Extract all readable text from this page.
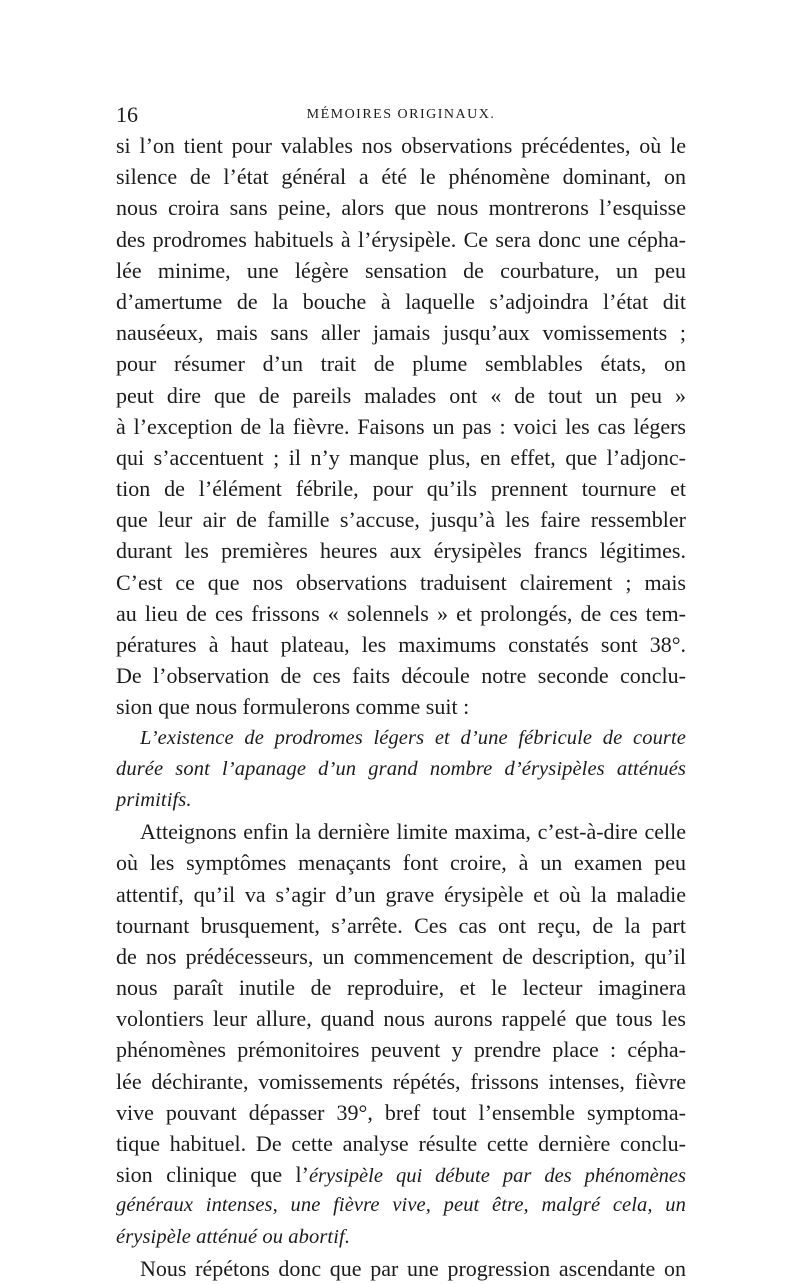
16	MÉMOIRES ORIGINAUX.
si l’on tient pour valables nos observations précédentes, où le
silence de l’état général a été le phénomène dominant, on
nous croira sans peine, alors que nous montrerons l’esquisse
des prodromes habituels à l’érysipèle. Ce sera donc une cépha-
lée minime, une légère sensation de courbature, un peu
d’amertume de la bouche à laquelle s’adjoindra l’état dit
nauséeux, mais sans aller jamais jusqu’aux vomissements ;
pour résumer d’un trait de plume semblables états, on
peut dire que de pareils malades ont « de tout un peu »
à l’exception de la fièvre. Faisons un pas : voici les cas légers
qui s’accentuent ; il n’y manque plus, en effet, que l’adjonc-
tion de l’élément fébrile, pour qu’ils prennent tournure et
que leur air de famille s’accuse, jusqu’à les faire ressembler
durant les premières heures aux érysipèles francs légitimes.
C’est ce que nos observations traduisent clairement ; mais
au lieu de ces frissons « solennels » et prolongés, de ces tem-
pératures à haut plateau, les maximums constatés sont 38°.
De l’observation de ces faits découle notre seconde conclu-
sion que nous formulerons comme suit :
L’existence de prodromes légers et d’une fébricule de courte
durée sont l’apanage d’un grand nombre d’érysipèles atténués
primitifs.
Atteignons enfin la dernière limite maxima, c’est-à-dire celle
où les symptômes menaçants font croire, à un examen peu
attentif, qu’il va s’agir d’un grave érysipèle et où la maladie
tournant brusquement, s’arrête. Ces cas ont reçu, de la part
de nos prédécesseurs, un commencement de description, qu’il
nous paraît inutile de reproduire, et le lecteur imaginera
volontiers leur allure, quand nous aurons rappelé que tous les
phénomènes prémonitoires peuvent y prendre place : cépha-
lée déchirante, vomissements répétés, frissons intenses, fièvre
vive pouvant dépasser 39°, bref tout l’ensemble symptoma-
tique habituel. De cette analyse résulte cette dernière conclu-
sion clinique que l’érysipèle qui débute par des phénomènes
généraux intenses, une fièvre vive, peut être, malgré cela, un
érysipèle atténué ou abortif.
Nous répétons donc que par une progression ascendante on
